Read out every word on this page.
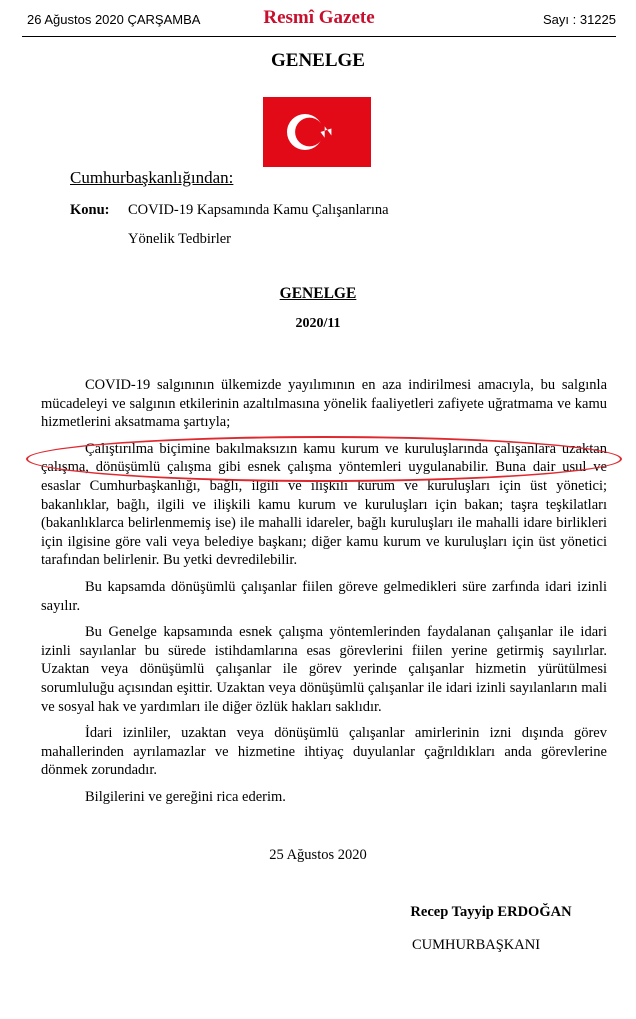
26 Ağustos 2020 ÇARŞAMBA	Resmî Gazete	Sayı : 31225
GENELGE
Cumhurbaşkanlığından:
Konu: COVID-19 Kapsamında Kamu Çalışanlarına
Yönelik Tedbirler
GENELGE
2020/11

COVID-19 salgınının ülkemizde yayılımının en aza indirilmesi amacıyla, bu salgınla mücadeleyi ve salgının etkilerinin azaltılmasına yönelik faaliyetleri zafiyete uğratmama ve kamu hizmetlerini aksatmama şartıyla;

Çalıştırılma biçimine bakılmaksızın kamu kurum ve kuruluşlarında çalışanlara uzaktan çalışma, dönüşümlü çalışma gibi esnek çalışma yöntemleri uygulanabilir. Buna dair usul ve esaslar Cumhurbaşkanlığı, bağlı, ilgili ve ilişkili kurum ve kuruluşları için üst yönetici; bakanlıklar, bağlı, ilgili ve ilişkili kamu kurum ve kuruluşları için bakan; taşra teşkilatları (bakanlıklarca belirlenmemiş ise) ile mahalli idareler, bağlı kuruluşları ile mahalli idare birlikleri için ilgisine göre vali veya belediye başkanı; diğer kamu kurum ve kuruluşları için üst yönetici tarafından belirlenir. Bu yetki devredilebilir.

Bu kapsamda dönüşümlü çalışanlar fiilen göreve gelmedikleri süre zarfında idari izinli sayılır.

Bu Genelge kapsamında esnek çalışma yöntemlerinden faydalanan çalışanlar ile idari izinli sayılanlar bu sürede istihdamlarına esas görevlerini fiilen yerine getirmiş sayılırlar. Uzaktan veya dönüşümlü çalışanlar ile görev yerinde çalışanlar hizmetin yürütülmesi sorumluluğu açısından eşittir. Uzaktan veya dönüşümlü çalışanlar ile idari izinli sayılanların mali ve sosyal hak ve yardımları ile diğer özlük hakları saklıdır.

İdari izinliler, uzaktan veya dönüşümlü çalışanlar amirlerinin izni dışında görev mahallerinden ayrılamazlar ve hizmetine ihtiyaç duyulanlar çağrıldıkları anda görevlerine dönmek zorundadır.

Bilgilerini ve gereğini rica ederim.

25 Ağustos 2020
Recep Tayyip ERDOĞAN
CUMHURBAŞKANI
